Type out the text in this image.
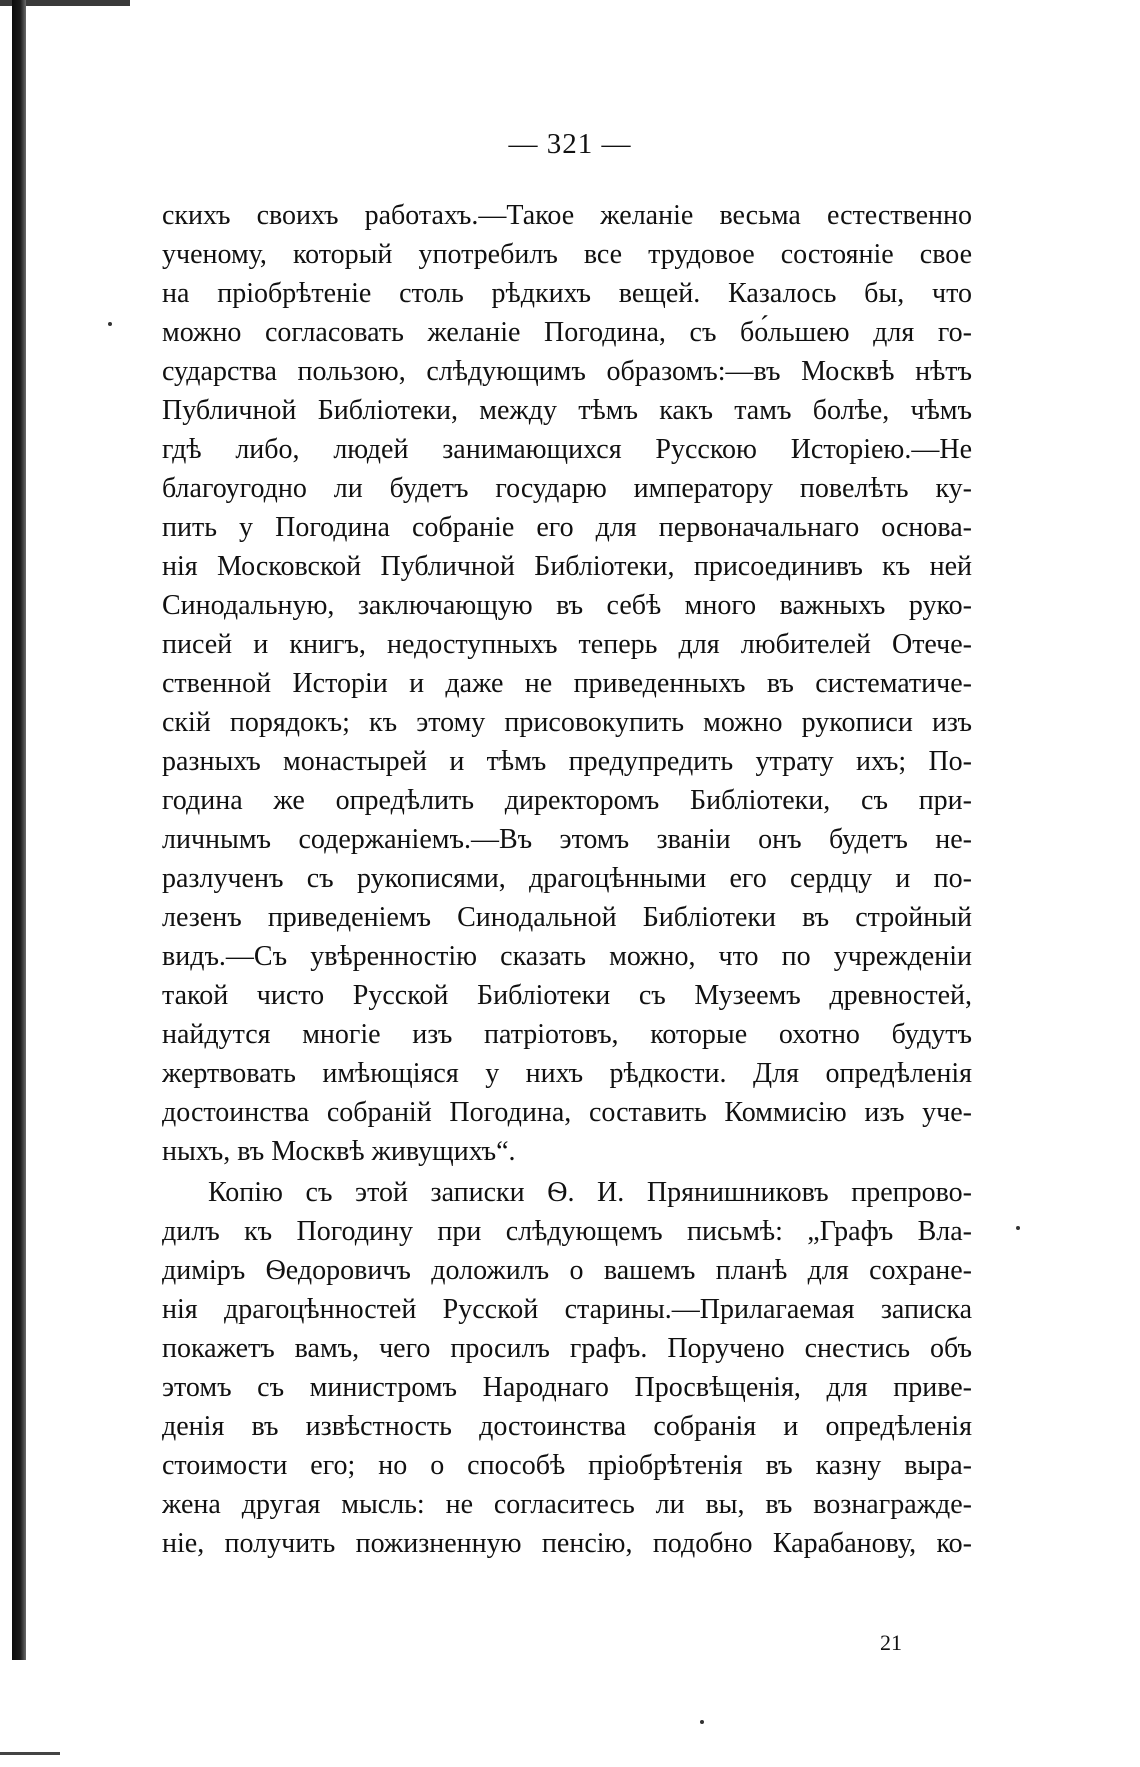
— 321 —
скихъ своихъ работахъ.—Такое желаніе весьма естественно
ученому, который употребилъ все трудовое состояніе свое
на пріобрѣтеніе столь рѣдкихъ вещей. Казалось бы, что
можно согласовать желаніе Погодина, съ бо́льшею для го-
сударства пользою, слѣдующимъ образомъ:—въ Москвѣ нѣтъ
Публичной Библіотеки, между тѣмъ какъ тамъ болѣе, чѣмъ
гдѣ либо, людей занимающихся Русскою Исторіею.—Не
благоугодно ли будетъ государю императору повелѣть ку-
пить у Погодина собраніе его для первоначальнаго основа-
нія Московской Публичной Библіотеки, присоединивъ къ ней
Синодальную, заключающую въ себѣ много важныхъ руко-
писей и книгъ, недоступныхъ теперь для любителей Отече-
ственной Исторіи и даже не приведенныхъ въ систематиче-
скій порядокъ; къ этому присовокупить можно рукописи изъ
разныхъ монастырей и тѣмъ предупредить утрату ихъ; По-
година же опредѣлить директоромъ Библіотеки, съ при-
личнымъ содержаніемъ.—Въ этомъ званіи онъ будетъ не-
разлученъ съ рукописями, драгоцѣнными его сердцу и по-
лезенъ приведеніемъ Синодальной Библіотеки въ стройный
видъ.—Съ увѣренностію сказать можно, что по учрежденіи
такой чисто Русской Библіотеки съ Музеемъ древностей,
найдутся многіе изъ патріотовъ, которые охотно будутъ
жертвовать имѣющіяся у нихъ рѣдкости. Для опредѣленія
достоинства собраній Погодина, составить Коммисію изъ уче-
ныхъ, въ Москвѣ живущихъ“.
Копію съ этой записки Ѳ. И. Прянишниковъ препрово-
дилъ къ Погодину при слѣдующемъ письмѣ: „Графъ Вла-
диміръ Ѳедоровичъ доложилъ о вашемъ планѣ для сохране-
нія драгоцѣнностей Русской старины.—Прилагаемая записка
покажетъ вамъ, чего просилъ графъ. Поручено снестись объ
этомъ съ министромъ Народнаго Просвѣщенія, для приве-
денія въ извѣстность достоинства собранія и опредѣленія
стоимости его; но о способѣ пріобрѣтенія въ казну выра-
жена другая мысль: не согласитесь ли вы, въ вознагражде-
ніе, получить пожизненную пенсію, подобно Карабанову, ко-
21
